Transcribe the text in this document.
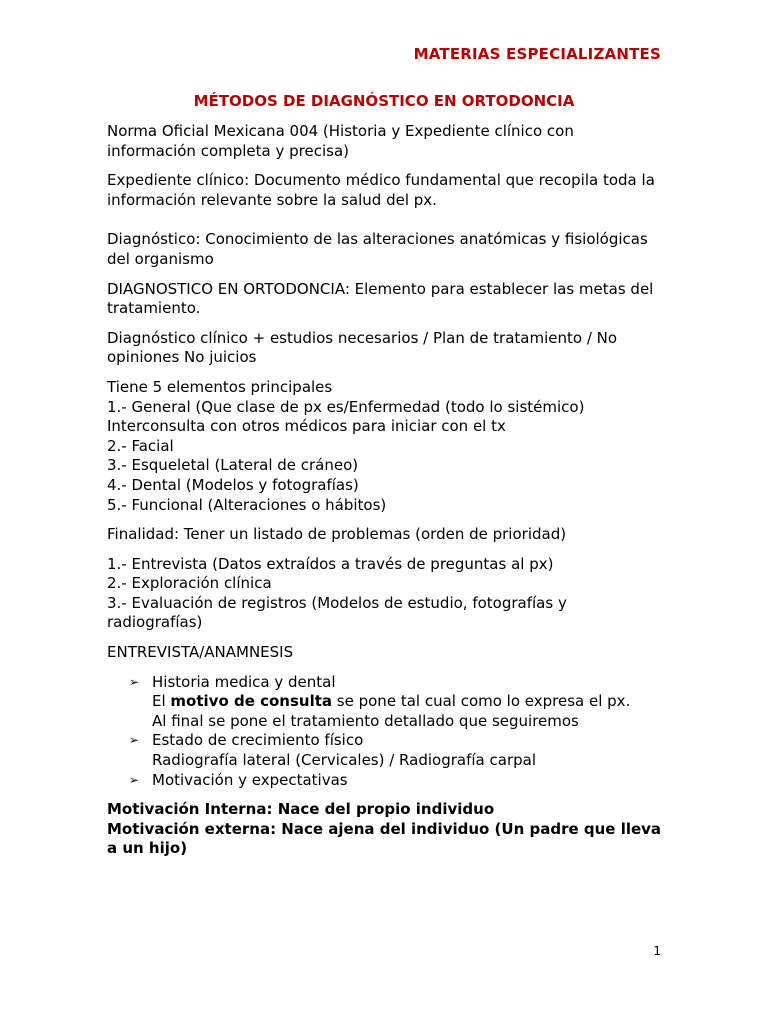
MATERIAS ESPECIALIZANTES
MÉTODOS DE DIAGNÓSTICO EN ORTODONCIA

Norma Oficial Mexicana 004 (Historia y Expediente clínico con información completa y precisa)

Expediente clínico: Documento médico fundamental que recopila toda la información relevante sobre la salud del px.

Diagnóstico: Conocimiento de las alteraciones anatómicas y fisiológicas del organismo

DIAGNOSTICO EN ORTODONCIA: Elemento para establecer las metas del tratamiento.

Diagnóstico clínico + estudios necesarios / Plan de tratamiento / No opiniones No juicios

Tiene 5 elementos principales
1.- General (Que clase de px es/Enfermedad (todo lo sistémico)
Interconsulta con otros médicos para iniciar con el tx
2.- Facial
3.- Esqueletal (Lateral de cráneo)
4.- Dental (Modelos y fotografías)
5.- Funcional (Alteraciones o hábitos)

Finalidad: Tener un listado de problemas (orden de prioridad)

1.- Entrevista (Datos extraídos a través de preguntas al px)
2.- Exploración clínica
3.- Evaluación de registros (Modelos de estudio, fotografías y radiografías)

ENTREVISTA/ANAMNESIS

➢ Historia medica y dental
El motivo de consulta se pone tal cual como lo expresa el px.
Al final se pone el tratamiento detallado que seguiremos
➢ Estado de crecimiento físico
Radiografía lateral (Cervicales) / Radiografía carpal
➢ Motivación y expectativas

Motivación Interna: Nace del propio individuo
Motivación externa: Nace ajena del individuo (Un padre que lleva a un hijo)

1
